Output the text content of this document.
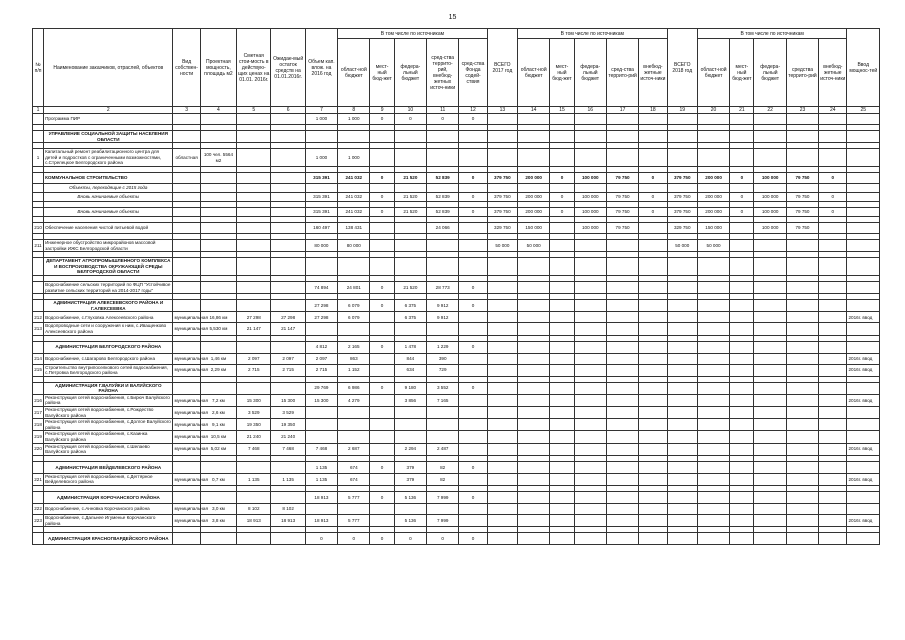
15
№ п/п	Наименование заказчиков, отраслей, объектов	Вид собствен-ности	Проектная мощность, площадь м2	Сметная стои-мость в действую-щих ценах на 01.01. 2016г.	Ожидае-мый остаток средств на 01.01.2016г.	Объем кап. влож. на 2016 год	В том числе по источникам					ВСЕГО 2017 год	В том числе по источникам					ВСЕГО 2018 год	В том числе по источникам					Ввод мощнос-тей
							област-ной бюджет	мест-ный бюд-жет	федера-льный бюджет	сред-ства террито-рий, внебюд-жетных источ-ники	сред-ства Фонда содей-ствия		област-ной бюджет	мест-ный бюд-жет	федера-льный бюджет	сред-ства террито-рий	внебюд-жетные источ-ники		област-ной бюджет	мест-ный бюд-жет	федера-льный бюджет	средства террито-рий	внебюд-жетные источ-ники	
1	2	3	4	5	6	7	8	9	10	11	12	13	14	15	16	17	18	19	20	21	22	23	24	25
	Программа ПИР					1 000	1 000	0	0	0	0													

	УПРАВЛЕНИЕ СОЦИАЛЬНОЙ ЗАЩИТЫ НАСЕЛЕНИЯ ОБЛАСТИ																							

1	Капитальный ремонт реабилитационного центра для детей и подростков с ограниченными возможностями, с.Стрелецкое Белгородского района	областная	100 чел. 5564 м2			1 000	1 000																	

	КОММУНАЛЬНОЕ СТРОИТЕЛЬСТВО					315 391	241 032	0	21 520	52 839	0	379 750	200 000	0	100 000	79 750	0	379 750	200 000	0	100 000	79 750	0	
	Объекты, переходящие с 2015 года																							
	Вновь начинаемые объекты					315 391	241 032	0	21 520	52 839	0	379 750	200 000	0	100 000	79 750	0	379 750	200 000	0	100 000	79 750	0	

	Вновь начинаемые объекты					315 391	241 032	0	21 520	52 839	0	379 750	200 000	0	100 000	79 750	0	379 750	200 000	0	100 000	79 750	0	

210	Обеспечение населения чистой питьевой водой					160 497	138 431			24 066		329 750	150 000		100 000	79 750		329 750	150 000		100 000	79 750		

211	Инженерное обустройство микрорайонов массовой застройки ИЖС Белгородской области					80 000	80 000					50 000	50 000					50 000	50 000					

	ДЕПАРТАМЕНТ АГРОПРОМЫШЛЕННОГО КОМПЛЕКСА И ВОСПРОИЗВОДСТВА ОКРУЖАЮЩЕЙ СРЕДЫ БЕЛГОРОДСКОЙ ОБЛАСТИ																							

	Водоснабжение сельских территорий по ФЦП "Устойчивое развитие сельских территорий на 2014-2017 годы"					74 894	24 801	0	21 520	28 773	0													

	АДМИНИСТРАЦИЯ АЛЕКСЕЕВСКОГО РАЙОНА И Г.АЛЕКСЕЕВКА					27 298	6 079	0	6 375	9 912	0													
212	Водоснабжение, с.Глуховка Алексеевского района	муниципальная	16,86 км	27 298	27 298	27 298	6 079		6 375	9 912														2016г. ввод
213	Водопроводные сети и сооружения к ним, с.Иващенково Алексеевского района	муниципальная	5,530 км	21 147	21 147																			

	АДМИНИСТРАЦИЯ БЕЛГОРОДСКОГО РАЙОНА					4 812	2 165	0	1 478	1 229	0													
214	Водоснабжение, с.Шагарово Белгородского района	муниципальная	1,46 км	2 097	2 097	2 097	863		844	390														2016г. ввод
215	Строительство внутрипоселкового сетей водоснабжения, с.Петровка Белгородского района	муниципальная	2,29 км	2 715	2 715	2 715	1 152		634	729														2016г. ввод

	АДМИНИСТРАЦИЯ Г.ВАЛУЙКИ И ВАЛУЙСКОГО РАЙОНА					29 769	6 986	0	9 180	3 552	0													
216	Реконструкция сетей водоснабжения, с.Бирюч Валуйского района	муниципальная	7,2 км	15 300	15 300	15 300	4 279		3 856	7 165														2016г. ввод
217	Реконструкция сетей водоснабжения, с.Рождество Валуйского района	муниципальная	2,6 км	3 529	3 529																			
218	Реконструкция сетей водоснабжения, с.Долгое Валуйского района	муниципальная	9,1 км	19 350	19 350																			
219	Реконструкция сетей водоснабжения, с.Казинка Валуйского района	муниципальная	10,5 км	21 240	21 240																			
220	Реконструкция сетей водоснабжения, с.Шелаево Валуйского района	муниципальная	5,02 км	7 468	7 468	7 468	2 687		2 294	2 487														2016г. ввод

	АДМИНИСТРАЦИЯ ВЕЙДЕЛЕВСКОГО РАЙОНА					1 135	674	0	379	82	0													
221	Реконструкция сетей водоснабжения, с.Дегтярное Вейделевского района	муниципальная	0,7 км	1 135	1 135	1 135	674		379	82														2016г. ввод

	АДМИНИСТРАЦИЯ КОРОЧАНСКОГО РАЙОНА					18 913	5 777	0	5 136	7 999	0													
222	Водоснабжение, с.Анновка Корочанского района	муниципальная	3,0 км	8 102	8 102																			
223	Водоснабжение, с.Дальнее Игуменье Корочанского района	муниципальная	3,8 км	18 913	18 913	18 913	5 777		5 136	7 999														2016г. ввод

	АДМИНИСТРАЦИЯ КРАСНОГВАРДЕЙСКОГО РАЙОНА					0	0	0	0	0	0													
